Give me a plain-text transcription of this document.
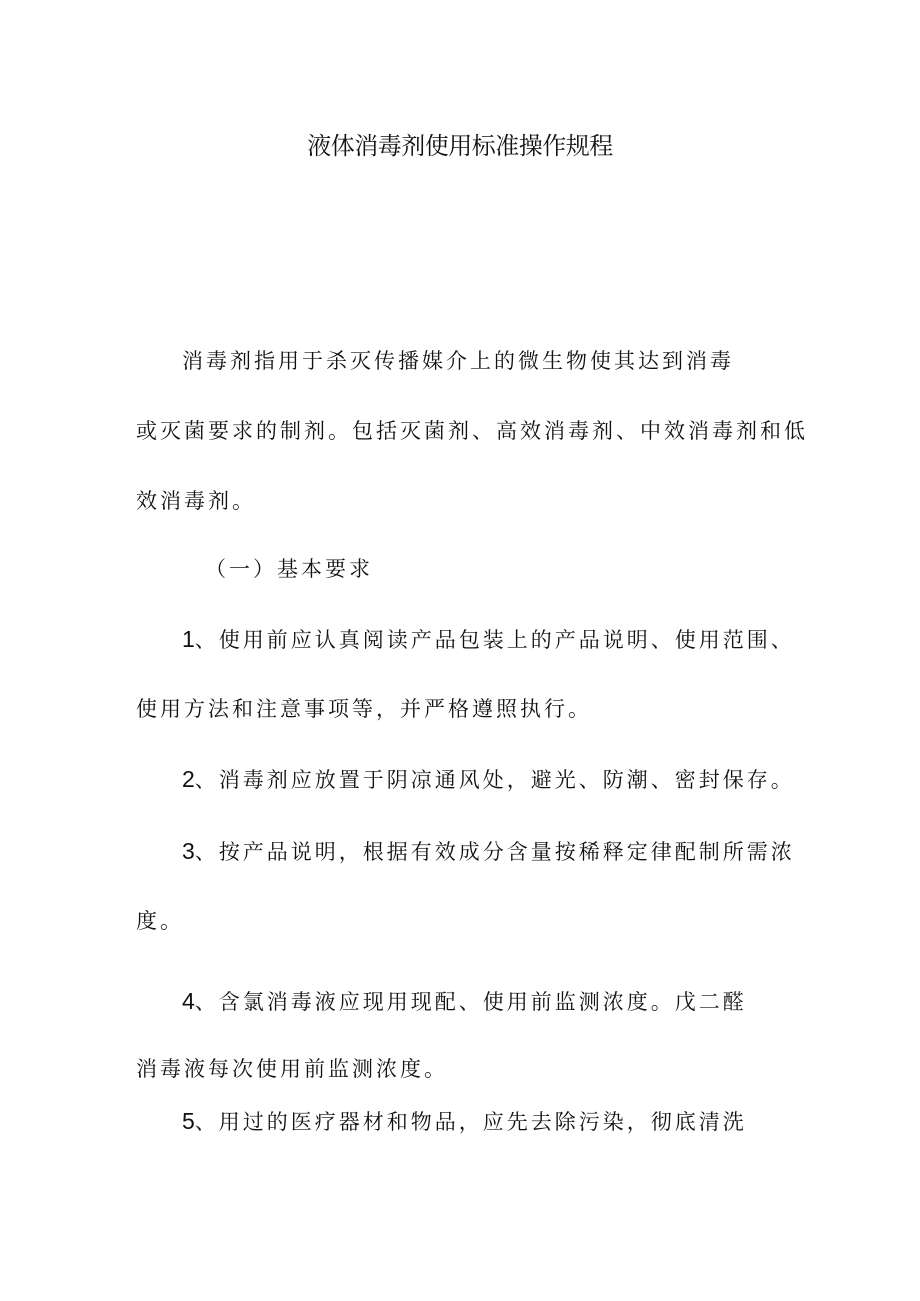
液体消毒剂使用标准操作规程
消毒剂指用于杀灭传播媒介上的微生物使其达到消毒
或灭菌要求的制剂。包括灭菌剂、高效消毒剂、中效消毒剂和低
效消毒剂。
（一）基本要求
1、使用前应认真阅读产品包装上的产品说明、使用范围、
使用方法和注意事项等，并严格遵照执行。
2、消毒剂应放置于阴凉通风处，避光、防潮、密封保存。
3、按产品说明，根据有效成分含量按稀释定律配制所需浓
度。
4、含氯消毒液应现用现配、使用前监测浓度。戊二醛
消毒液每次使用前监测浓度。
5、用过的医疗器材和物品，应先去除污染，彻底清洗
